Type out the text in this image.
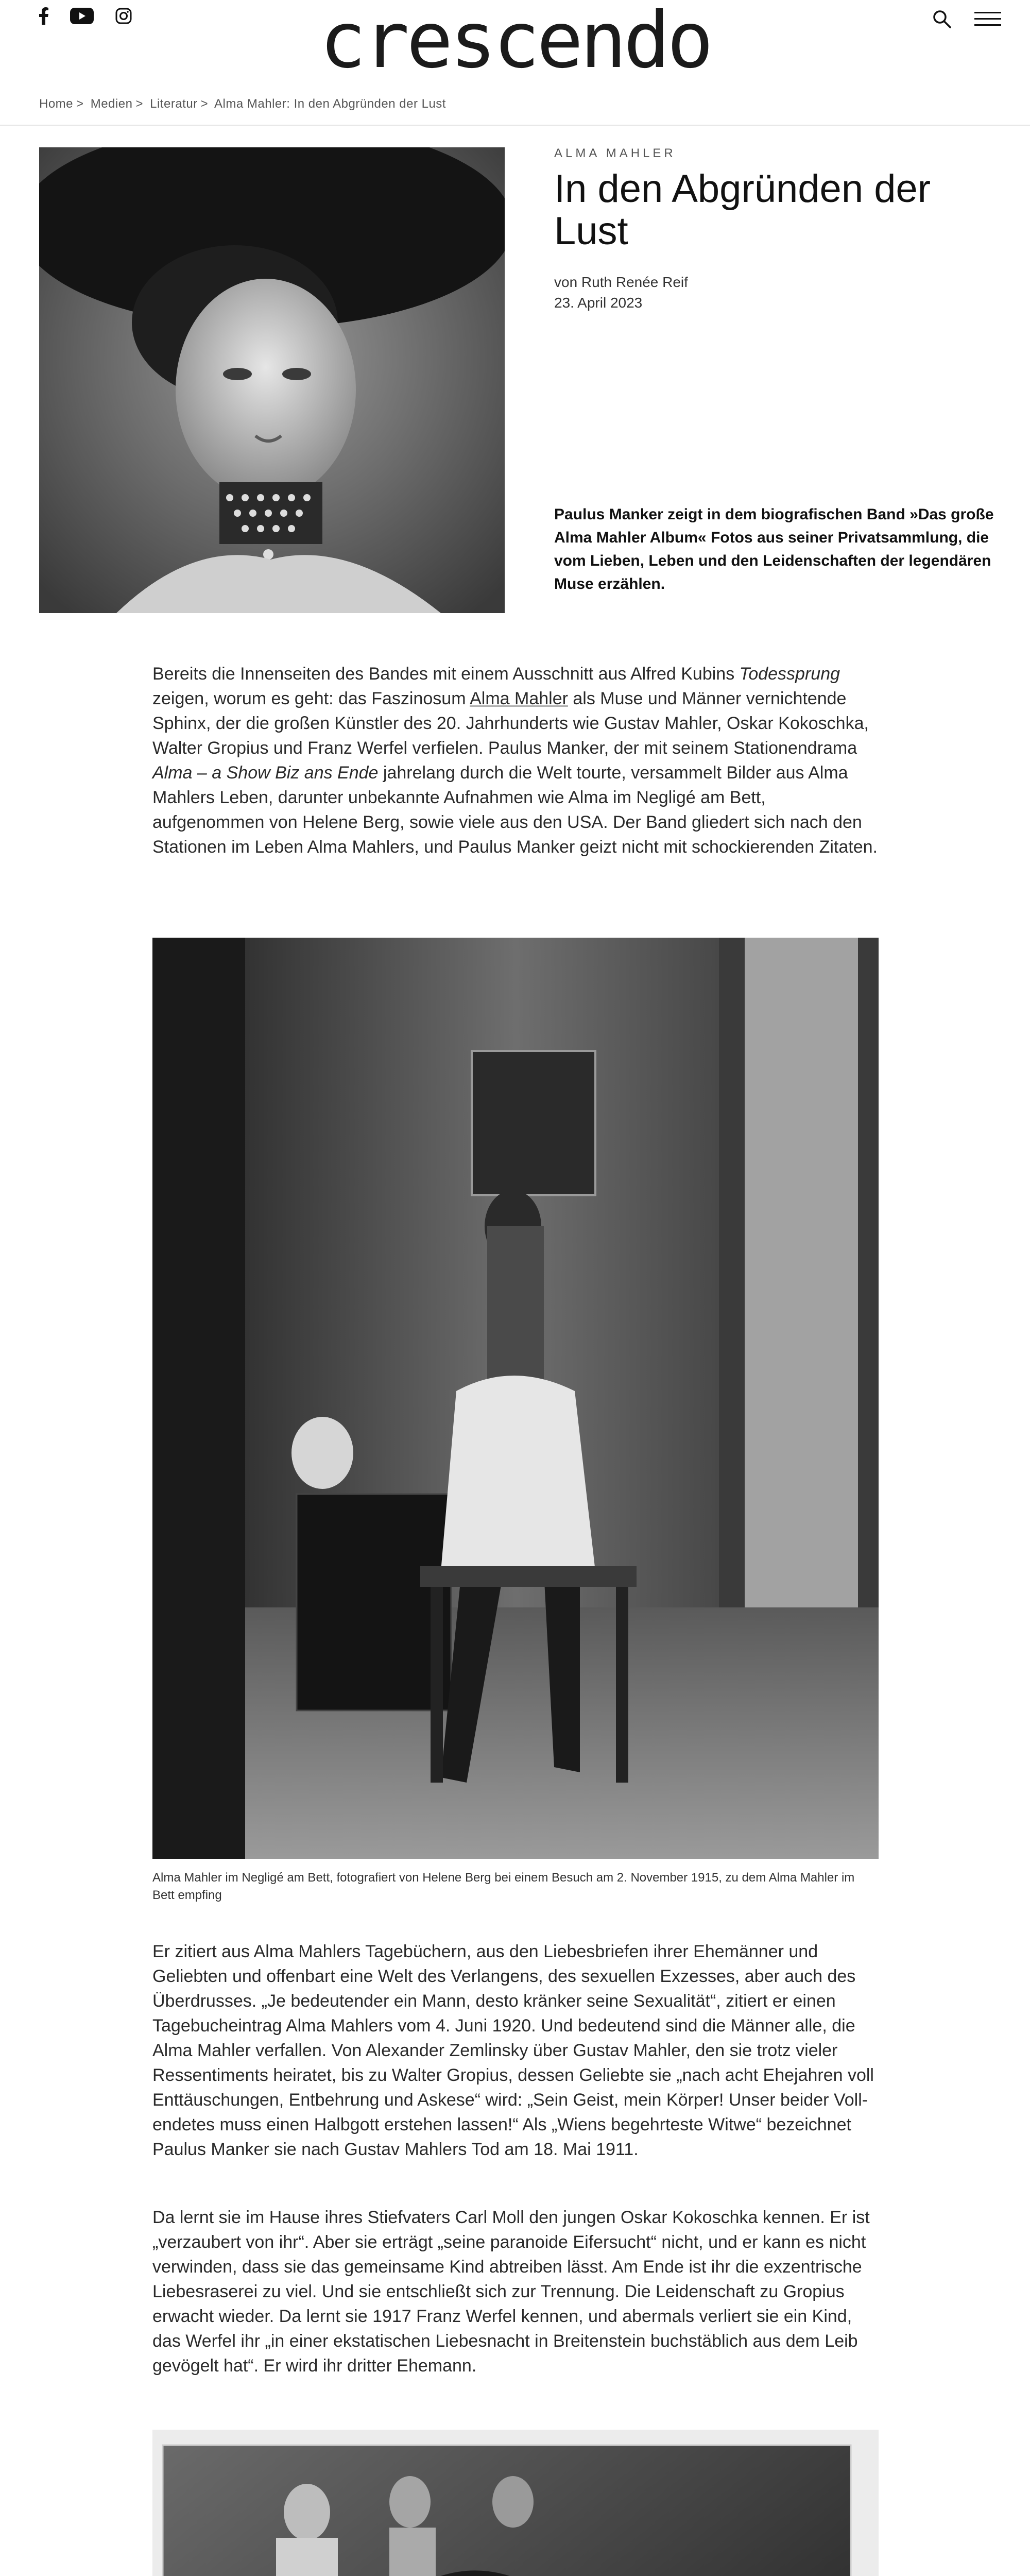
crescendo
Home > Medien > Literatur > Alma Mahler: In den Abgründen der Lust
ALMA MAHLER
In den Abgründen der Lust
von Ruth Renée Reif
23. April 2023

Paulus Manker zeigt in dem biografischen Band »Das große Alma Mahler Album« Fotos aus seiner Privatsammlung, die vom Lieben, Leben und den Leidenschaften der legendären Muse erzählen.

Bereits die Innenseiten des Bandes mit einem Ausschnitt aus Alfred Kubins Todessprung zeigen, worum es geht: das Faszinosum Alma Mahler als Muse und Männer vernichtende Sphinx, der die großen Künstler des 20. Jahrhunderts wie Gustav Mahler, Oskar Kokoschka, Walter Gropius und Franz Werfel verfielen. Paulus Manker, der mit seinem Stationendrama Alma – a Show Biz ans Ende jahrelang durch die Welt tourte, versammelt Bilder aus Alma Mahlers Leben, darunter unbekannte Aufnahmen wie Alma im Negligé am Bett, aufgenommen von Helene Berg, sowie viele aus den USA. Der Band gliedert sich nach den Stationen im Leben Alma Mahlers, und Paulus Manker geizt nicht mit schockierenden Zitaten.

Alma Mahler im Negligé am Bett, fotografiert von Helene Berg bei einem Besuch am 2. November 1915, zu dem Alma Mahler im Bett empfing

Er zitiert aus Alma Mahlers Tagebüchern, aus den Liebesbriefen ihrer Ehemänner und Geliebten und offenbart eine Welt des Verlangens, des sexuellen Exzesses, aber auch des Überdrusses. „Je bedeutender ein Mann, desto kränker seine Sexualität“, zitiert er einen Tagebucheintrag Alma Mahlers vom 4. Juni 1920. Und bedeutend sind die Männer alle, die Alma Mahler verfallen. Von Alexander Zemlinsky über Gustav Mahler, den sie trotz vieler Ressentiments heiratet, bis zu Walter Gropius, dessen Geliebte sie „nach acht Ehejahren voll Enttäuschungen, Entbehrung und Askese“ wird: „Sein Geist, mein Körper! Unser beider Vollendetes muss einen Halbgott erstehen lassen!“ Als „Wiens begehrteste Witwe“ bezeichnet Paulus Manker sie nach Gustav Mahlers Tod am 18. Mai 1911.

Da lernt sie im Hause ihres Stiefvaters Carl Moll den jungen Oskar Kokoschka kennen. Er ist „verzaubert von ihr“. Aber sie erträgt „seine paranoide Eifersucht“ nicht, und er kann es nicht verwinden, dass sie das gemeinsame Kind abtreiben lässt. Am Ende ist ihr die exzentrische Liebesraserei zu viel. Und sie entschließt sich zur Trennung. Die Leidenschaft zu Gropius erwacht wieder. Da lernt sie 1917 Franz Werfel kennen, und abermals verliert sie ein Kind, das Werfel ihr „in einer ekstatischen Liebesnacht in Breitenstein buchstäblich aus dem Leib gevögelt hat“. Er wird ihr dritter Ehemann.
